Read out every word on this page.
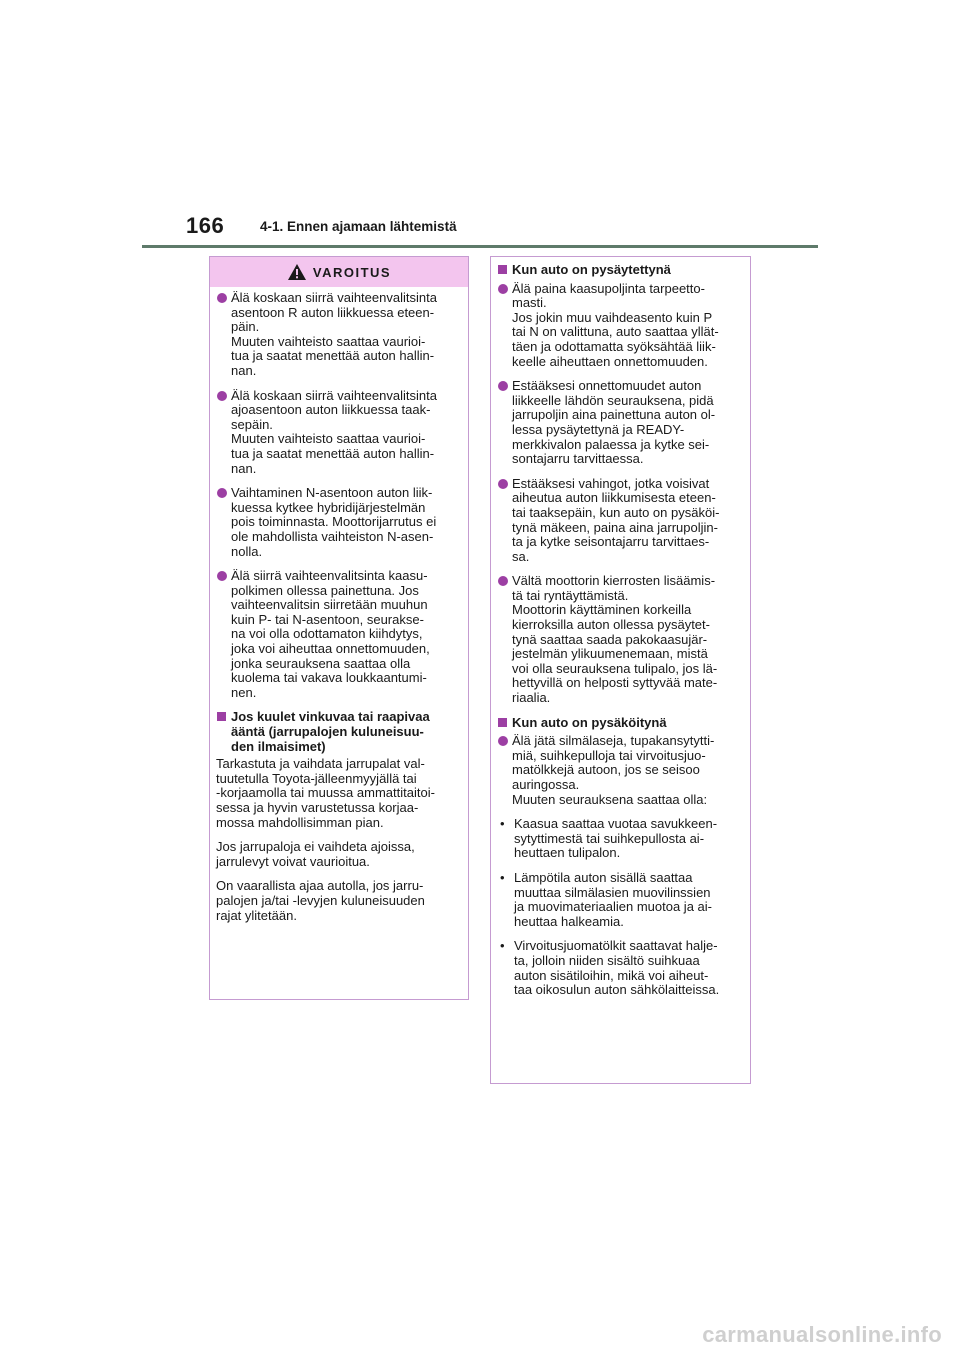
166	4-1. Ennen ajamaan lähtemistä
VAROITUS
Älä koskaan siirrä vaihteenvalitsinta
asentoon R auton liikkuessa eteen-
päin.
Muuten vaihteisto saattaa vaurioi-
tua ja saatat menettää auton hallin-
nan.
Älä koskaan siirrä vaihteenvalitsinta
ajoasentoon auton liikkuessa taak-
sepäin.
Muuten vaihteisto saattaa vaurioi-
tua ja saatat menettää auton hallin-
nan.
Vaihtaminen N-asentoon auton liik-
kuessa kytkee hybridijärjestelmän
pois toiminnasta. Moottorijarrutus ei
ole mahdollista vaihteiston N-asen-
nolla.
Älä siirrä vaihteenvalitsinta kaasu-
polkimen ollessa painettuna. Jos
vaihteenvalitsin siirretään muuhun
kuin P- tai N-asentoon, seurakse-
na voi olla odottamaton kiihdytys,
joka voi aiheuttaa onnettomuuden,
jonka seurauksena saattaa olla
kuolema tai vakava loukkaantumi-
nen.
Jos kuulet vinkuvaa tai raapivaa
ääntä (jarrupalojen kuluneisuu-
den ilmaisimet)
Tarkastuta ja vaihdata jarrupalat val-
tuutetulla Toyota-jälleenmyyjällä tai
-korjaamolla tai muussa ammattitaitoi-
sessa ja hyvin varustetussa korjaa-
mossa mahdollisimman pian.
Jos jarrupaloja ei vaihdeta ajoissa,
jarrulevyt voivat vaurioitua.
On vaarallista ajaa autolla, jos jarru-
palojen ja/tai -levyjen kuluneisuuden
rajat ylitetään.
Kun auto on pysäytettynä
Älä paina kaasupoljinta tarpeetto-
masti.
Jos jokin muu vaihdeasento kuin P
tai N on valittuna, auto saattaa yllät-
täen ja odottamatta syöksähtää liik-
keelle aiheuttaen onnettomuuden.
Estääksesi onnettomuudet auton
liikkeelle lähdön seurauksena, pidä
jarrupoljin aina painettuna auton ol-
lessa pysäytettynä ja READY-
merkkivalon palaessa ja kytke sei-
sontajarru tarvittaessa.
Estääksesi vahingot, jotka voisivat
aiheutua auton liikkumisesta eteen-
tai taaksepäin, kun auto on pysäköi-
tynä mäkeen, paina aina jarrupoljin-
ta ja kytke seisontajarru tarvittaes-
sa.
Vältä moottorin kierrosten lisäämis-
tä tai ryntäyttämistä.
Moottorin käyttäminen korkeilla
kierroksilla auton ollessa pysäytet-
tynä saattaa saada pakokaasujär-
jestelmän ylikuumenemaan, mistä
voi olla seurauksena tulipalo, jos lä-
hettyvillä on helposti syttyvää mate-
riaalia.
Kun auto on pysäköitynä
Älä jätä silmälaseja, tupakansytytti-
miä, suihkepulloja tai virvoitusjuo-
matölkkejä autoon, jos se seisoo
auringossa.
Muuten seurauksena saattaa olla:
• Kaasua saattaa vuotaa savukkeen-
sytyttimestä tai suihkepullosta ai-
heuttaen tulipalon.
• Lämpötila auton sisällä saattaa
muuttaa silmälasien muovilinssien
ja muovimateriaalien muotoa ja ai-
heuttaa halkeamia.
• Virvoitusjuomatölkit saattavat halje-
ta, jolloin niiden sisältö suihkuaa
auton sisätiloihin, mikä voi aiheut-
taa oikosulun auton sähkölaitteissa.
carmanualsonline.info
